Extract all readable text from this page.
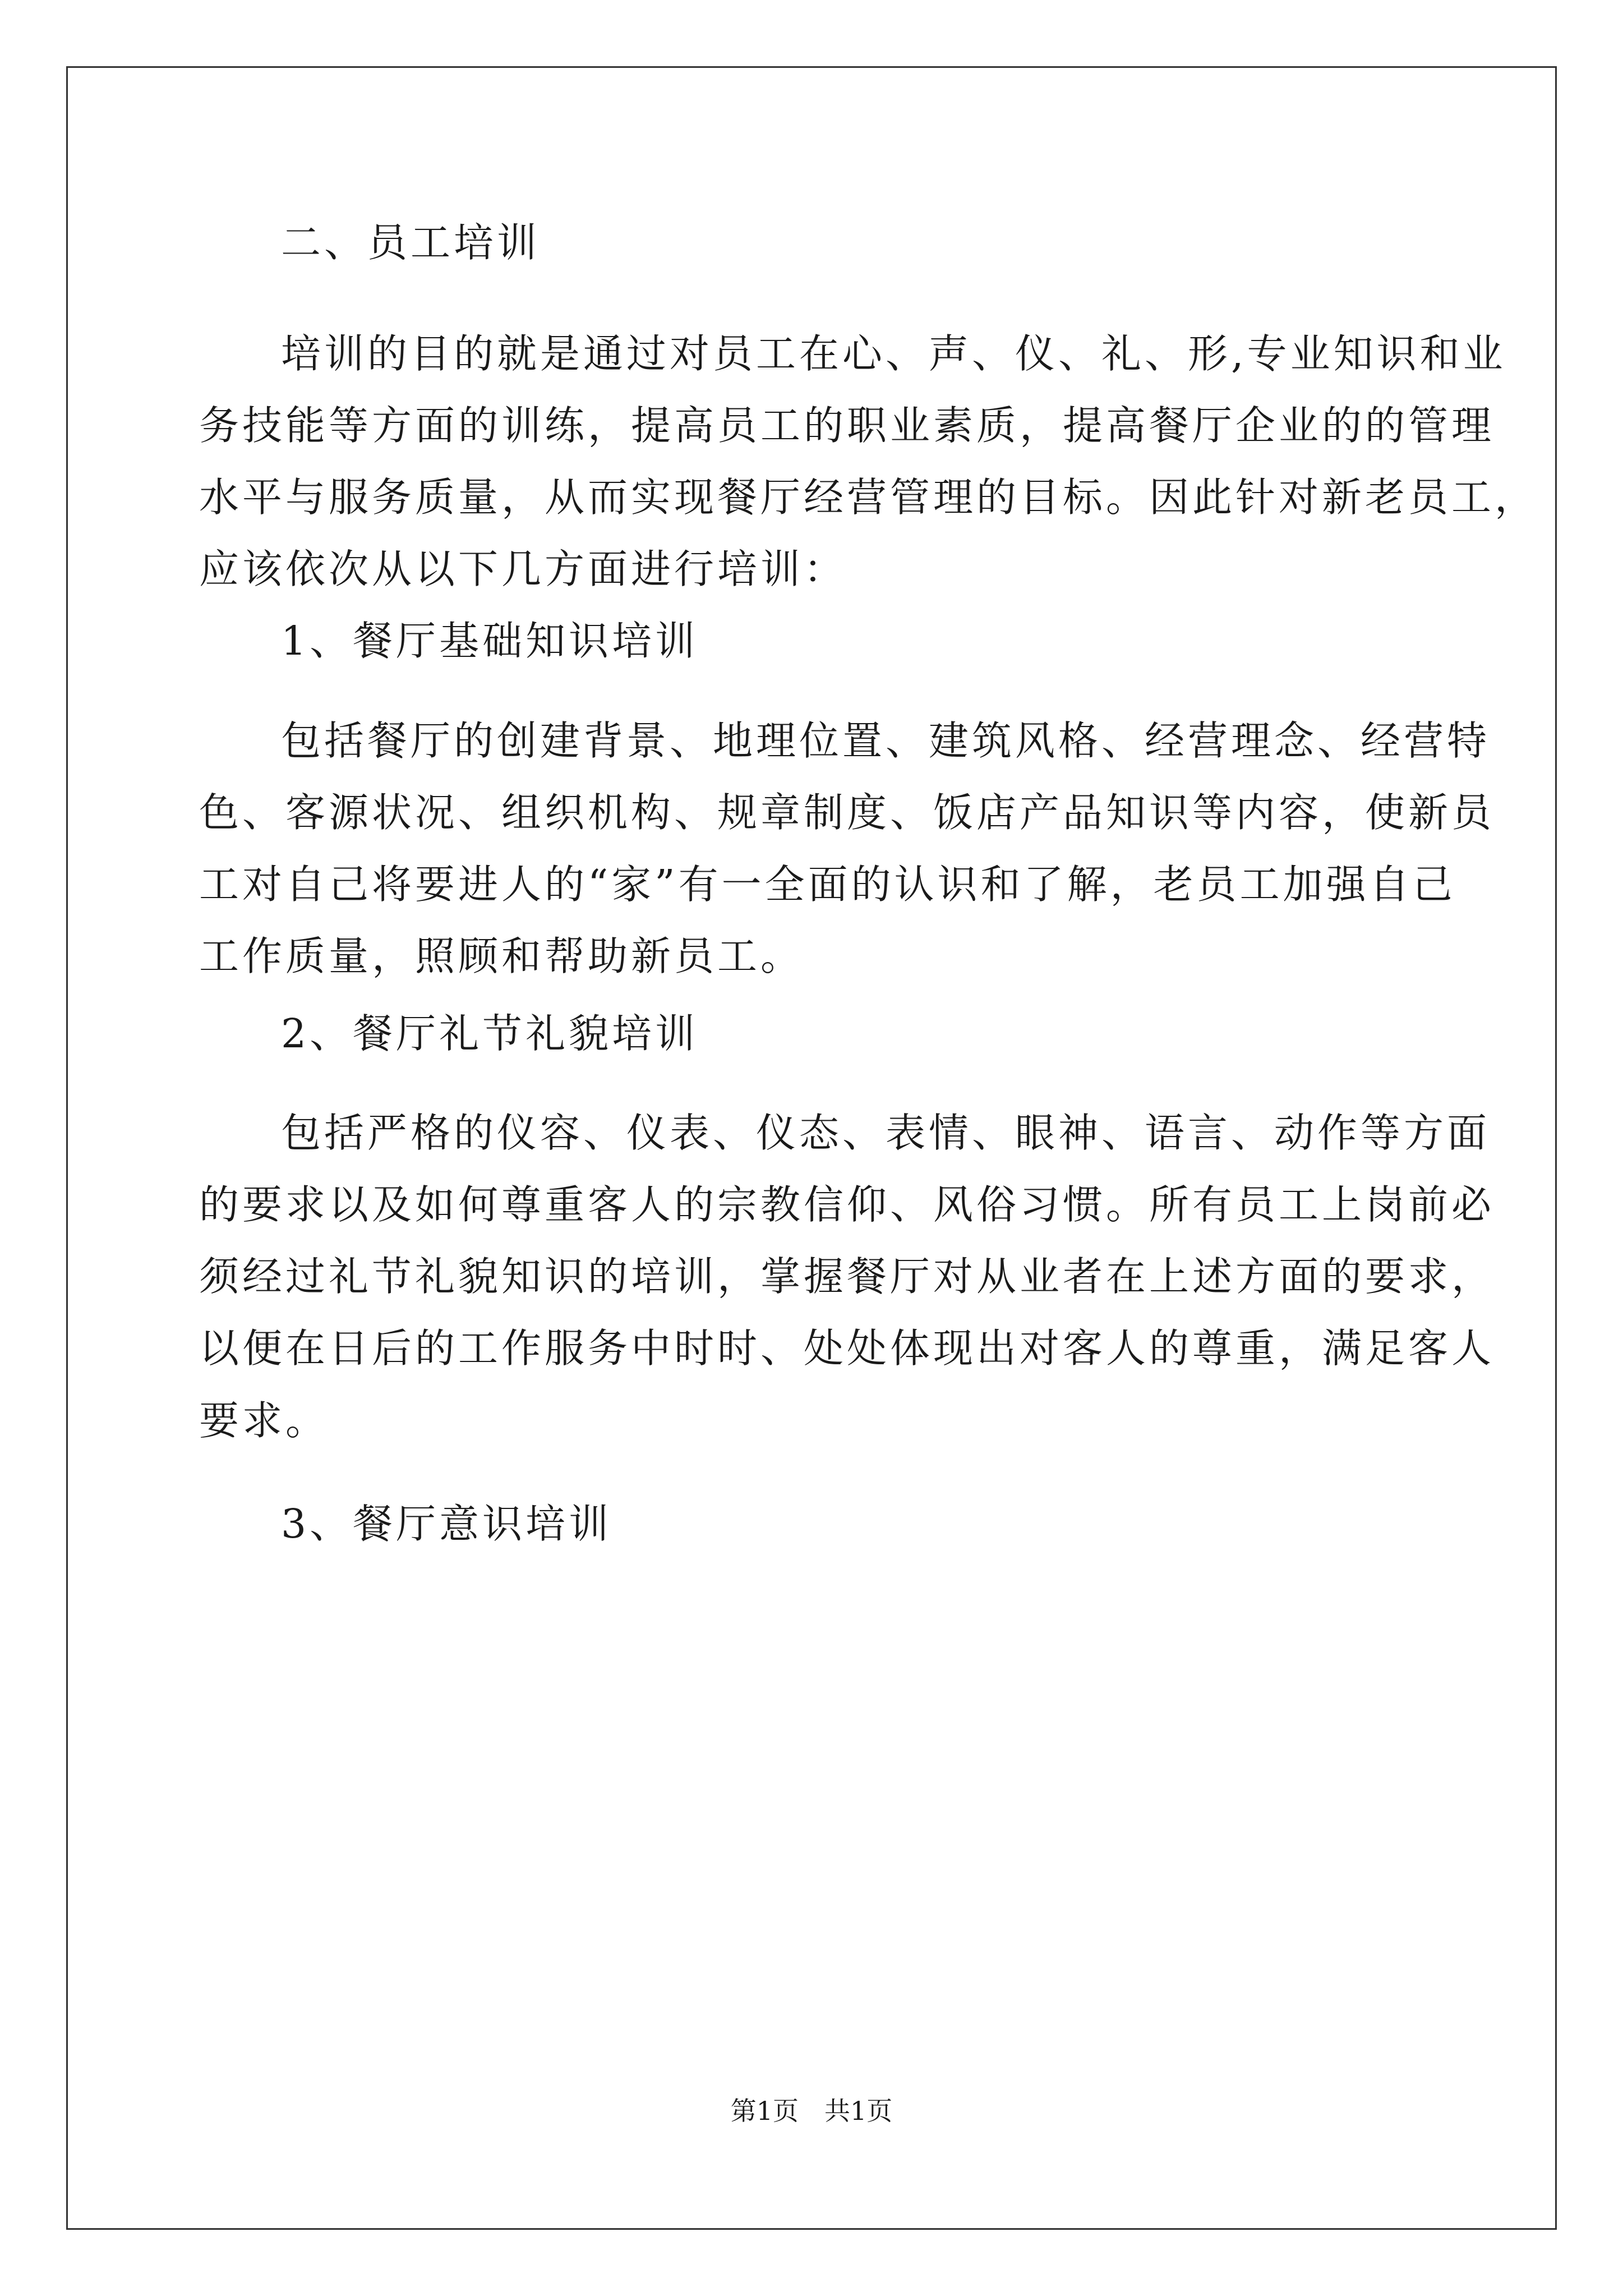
二、员工培训
培训的目的就是通过对员工在心、声、仪、礼、形,专业知识和业
务技能等方面的训练，提高员工的职业素质，提高餐厅企业的的管理
水平与服务质量，从而实现餐厅经营管理的目标。因此针对新老员工，
应该依次从以下几方面进行培训：
1、餐厅基础知识培训
包括餐厅的创建背景、地理位置、建筑风格、经营理念、经营特
色、客源状况、组织机构、规章制度、饭店产品知识等内容，使新员
工对自己将要进人的“家”有一全面的认识和了解，老员工加强自己
工作质量，照顾和帮助新员工。
2、餐厅礼节礼貌培训
包括严格的仪容、仪表、仪态、表情、眼神、语言、动作等方面
的要求以及如何尊重客人的宗教信仰、风俗习惯。所有员工上岗前必
须经过礼节礼貌知识的培训，掌握餐厅对从业者在上述方面的要求，
以便在日后的工作服务中时时、处处体现出对客人的尊重，满足客人
要求。
3、餐厅意识培训
第1页　共1页
